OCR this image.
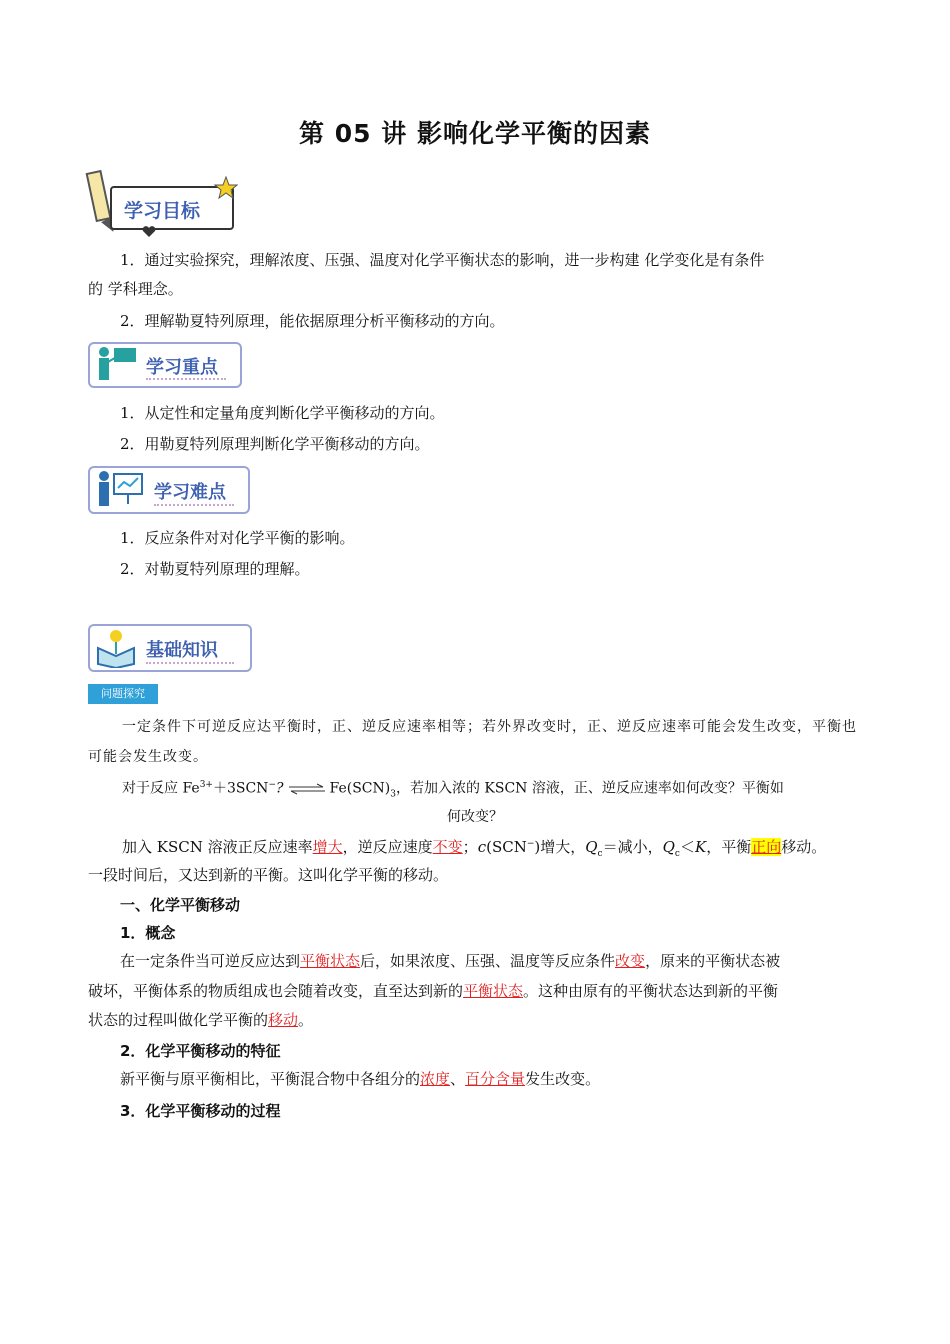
第 05 讲 影响化学平衡的因素
学习目标
1．通过实验探究，理解浓度、压强、温度对化学平衡状态的影响，进一步构建 化学变化是有条件
的 学科理念。
2．理解勒夏特列原理，能依据原理分析平衡移动的方向。
学习重点
1．从定性和定量角度判断化学平衡移动的方向。
2．用勒夏特列原理判断化学平衡移动的方向。
学习难点
1．反应条件对对化学平衡的影响。
2．对勒夏特列原理的理解。
基础知识
问题探究
一定条件下可逆反应达平衡时，正、逆反应速率相等；若外界改变时，正、逆反应速率可能会发生改变，平衡也可能会发生改变。
对于反应 $Fe^{3+}+3SCN^-$? ⇌ $Fe(SCN)_3$，若加入浓的 KSCN 溶液，正、逆反应速率如何改变？平衡如
何改变？
加入 KSCN 溶液正反应速率增大，逆反应速度不变；c(SCN−)增大，$Q_c=$减小，$Q_c<K$，平衡正向移动。
一段时间后，又达到新的平衡。这叫化学平衡的移动。
一、化学平衡移动
1．概念
在一定条件当可逆反应达到平衡状态后，如果浓度、压强、温度等反应条件改变，原来的平衡状态被
破坏，平衡体系的物质组成也会随着改变，直至达到新的平衡状态。这种由原有的平衡状态达到新的平衡
状态的过程叫做化学平衡的移动。
2．化学平衡移动的特征
新平衡与原平衡相比，平衡混合物中各组分的浓度、百分含量发生改变。
3．化学平衡移动的过程
